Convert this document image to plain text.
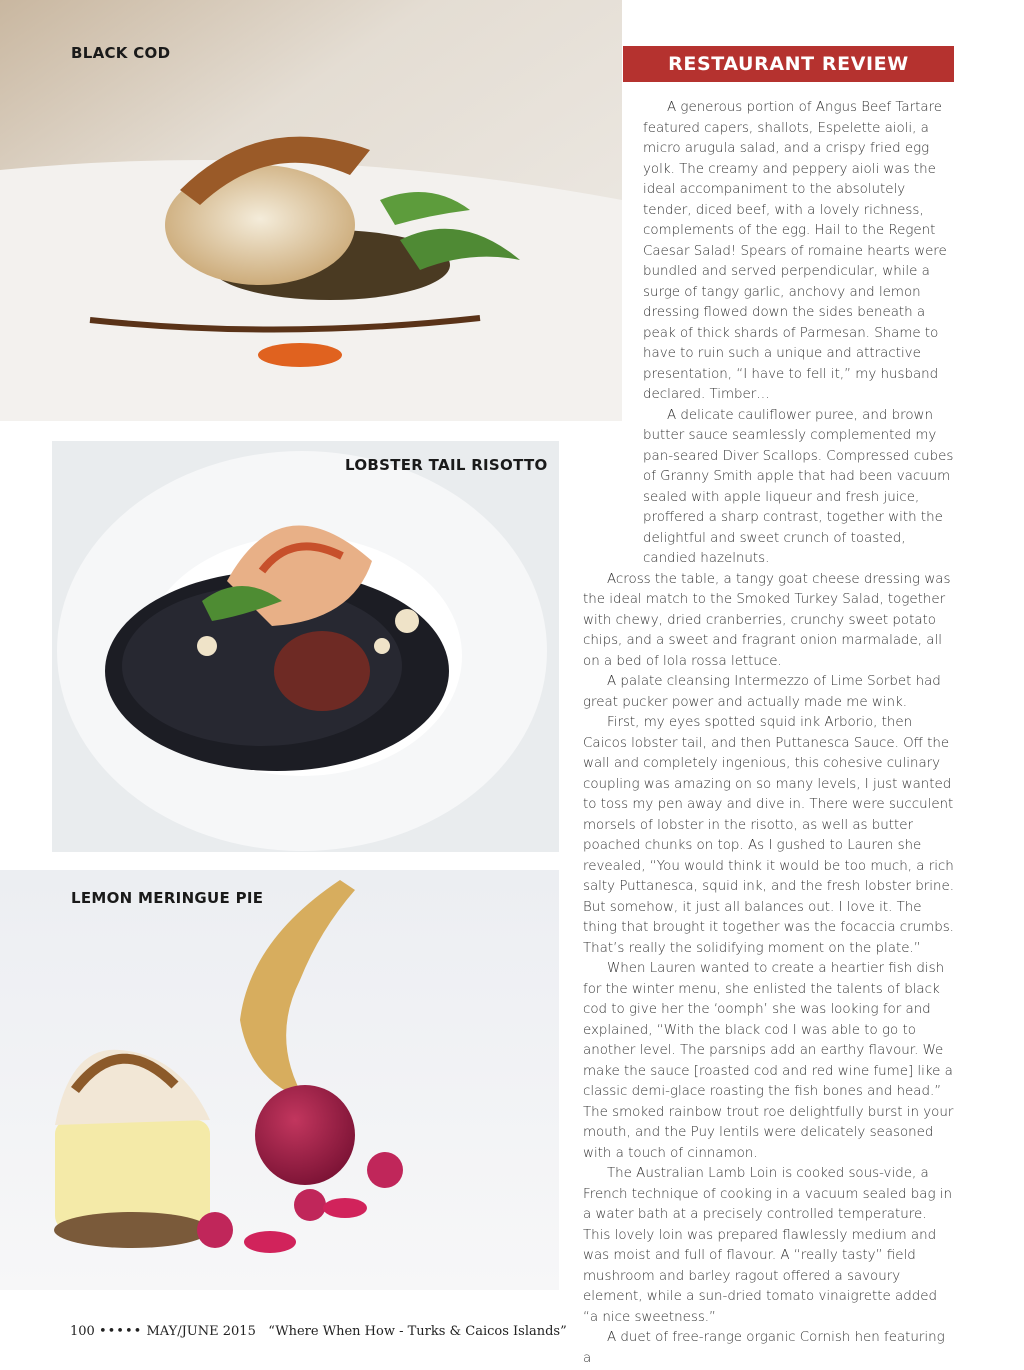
BLACK COD
LOBSTER TAIL RISOTTO
LEMON MERINGUE PIE
RESTAURANT REVIEW

A generous portion of Angus Beef Tartare featured capers, shallots, Espelette aioli, a micro arugula salad, and a crispy fried egg yolk. The creamy and peppery aioli was the ideal accompaniment to the absolutely tender, diced beef, with a lovely richness, complements of the egg. Hail to the Regent Caesar Salad! Spears of romaine hearts were bundled and served perpendicular, while a surge of tangy garlic, anchovy and lemon dressing flowed down the sides beneath a peak of thick shards of Parmesan. Shame to have to ruin such a unique and attractive presentation, “I have to fell it,” my husband declared. Timber…

A delicate cauliflower puree, and brown butter sauce seamlessly complemented my pan-seared Diver Scallops. Compressed cubes of Granny Smith apple that had been vacuum sealed with apple liqueur and fresh juice, proffered a sharp contrast, together with the delightful and sweet crunch of toasted, candied hazelnuts.

Across the table, a tangy goat cheese dressing was the ideal match to the Smoked Turkey Salad, together with chewy, dried cranberries, crunchy sweet potato chips, and a sweet and fragrant onion marmalade, all on a bed of lola rossa lettuce.

A palate cleansing Intermezzo of Lime Sorbet had great pucker power and actually made me wink.

First, my eyes spotted squid ink Arborio, then Caicos lobster tail, and then Puttanesca Sauce. Off the wall and completely ingenious, this cohesive culinary coupling was amazing on so many levels, I just wanted to toss my pen away and dive in. There were succulent morsels of lobster in the risotto, as well as butter poached chunks on top. As I gushed to Lauren she revealed, “You would think it would be too much, a rich salty Puttanesca, squid ink, and the fresh lobster brine. But somehow, it just all balances out. I love it. The thing that brought it together was the focaccia crumbs. That’s really the solidifying moment on the plate.”

When Lauren wanted to create a heartier fish dish for the winter menu, she enlisted the talents of black cod to give her the ‘oomph’ she was looking for and explained, “With the black cod I was able to go to another level. The parsnips add an earthy flavour. We make the sauce [roasted cod and red wine fume] like a classic demi-glace roasting the fish bones and head.” The smoked rainbow trout roe delightfully burst in your mouth, and the Puy lentils were delicately seasoned with a touch of cinnamon.

The Australian Lamb Loin is cooked sous-vide, a French technique of cooking in a vacuum sealed bag in a water bath at a precisely controlled temperature. This lovely loin was prepared flawlessly medium and was moist and full of flavour. A “really tasty” field mushroom and barley ragout offered a savoury element, while a sun-dried tomato vinaigrette added “a nice sweetness.”

A duet of free-range organic Cornish hen featuring a

100 ••••• MAY/JUNE 2015 “Where When How - Turks & Caicos Islands”
